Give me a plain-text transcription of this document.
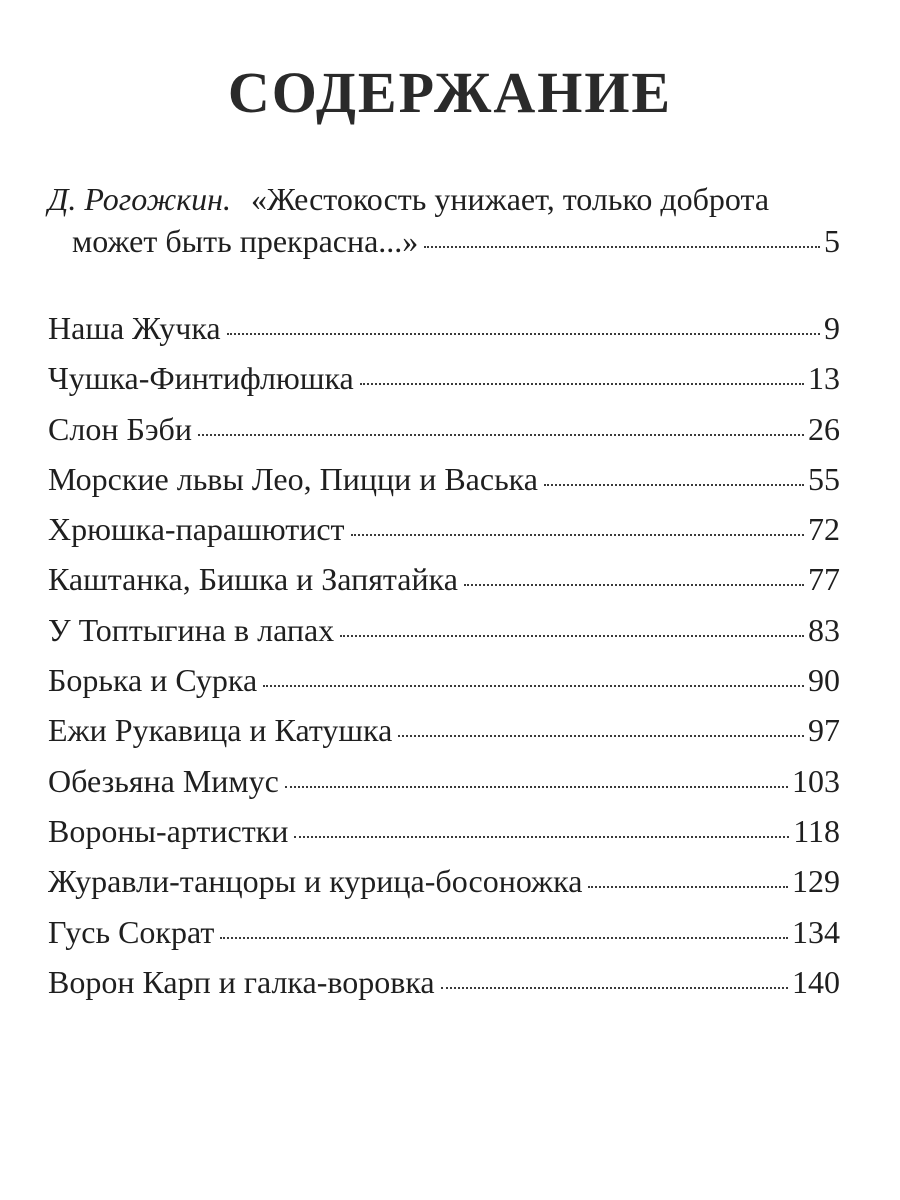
СОДЕРЖАНИЕ
Д. Рогожкин. «Жестокость унижает, только доброта
может быть прекрасна...»	5
Наша Жучка	9
Чушка-Финтифлюшка	13
Слон Бэби	26
Морские львы Лео, Пицци и Васька	55
Хрюшка-парашютист	72
Каштанка, Бишка и Запятайка	77
У Топтыгина в лапах	83
Борька и Сурка	90
Ежи Рукавица и Катушка	97
Обезьяна Мимус	103
Вороны-артистки	118
Журавли-танцоры и курица-босоножка	129
Гусь Сократ	134
Ворон Карп и галка-воровка	140
